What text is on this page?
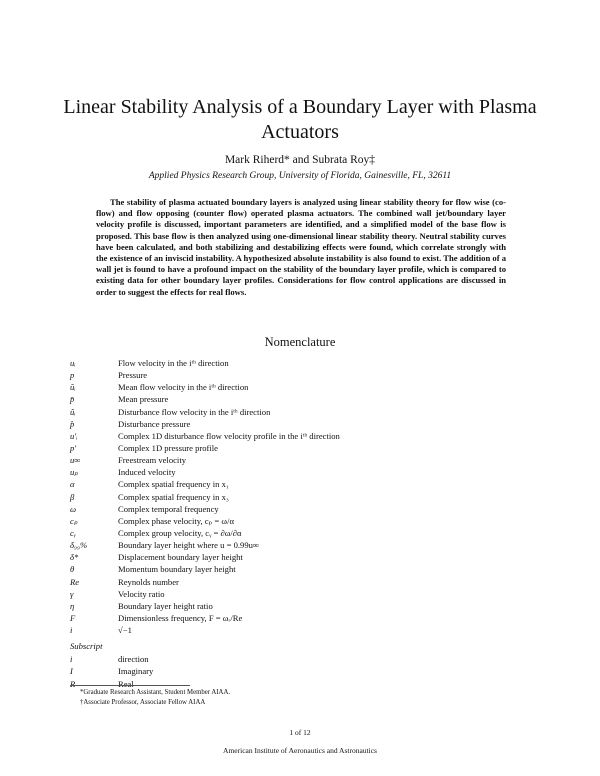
Linear Stability Analysis of a Boundary Layer with Plasma Actuators
Mark Riherd* and Subrata Roy‡
Applied Physics Research Group, University of Florida, Gainesville, FL, 32611
The stability of plasma actuated boundary layers is analyzed using linear stability theory for flow wise (co-flow) and flow opposing (counter flow) operated plasma actuators. The combined wall jet/boundary layer velocity profile is discussed, important parameters are identified, and a simplified model of the base flow is proposed. This base flow is then analyzed using one-dimensional linear stability theory. Neutral stability curves have been calculated, and both stabilizing and destabilizing effects were found, which correlate strongly with the existence of an inviscid instability. A hypothesized absolute instability is also found to exist. The addition of a wall jet is found to have a profound impact on the stability of the boundary layer profile, which is compared to existing data for other boundary layer profiles. Considerations for flow control applications are discussed in order to suggest the effects for real flows.
Nomenclature
uᵢ	Flow velocity in the iᵗʰ direction
p	Pressure
ūᵢ	Mean flow velocity in the iᵗʰ direction
p̄	Mean pressure
ûᵢ	Disturbance flow velocity in the iᵗʰ direction
p̂	Disturbance pressure
u′ᵢ	Complex 1D disturbance flow velocity profile in the iᵗʰ direction
p′	Complex 1D pressure profile
u∞	Freestream velocity
uₚ	Induced velocity
α	Complex spatial frequency in x₁
β	Complex spatial frequency in x₃
ω	Complex temporal frequency
cₚ	Complex phase velocity, cₚ = ω/α
cᵧ	Complex group velocity, cᵧ = ∂ω/∂α
δ₉₉%	Boundary layer height where u = 0.99u∞
δ*	Displacement boundary layer height
θ	Momentum boundary layer height
Re	Reynolds number
γ	Velocity ratio
η	Boundary layer height ratio
F	Dimensionless frequency, F = ωᵣ/Re
i	√−1
Subscript
i	direction
I	Imaginary
R	Real
*Graduate Research Assistant, Student Member AIAA.
†Associate Professor, Associate Fellow AIAA
1 of 12
American Institute of Aeronautics and Astronautics
